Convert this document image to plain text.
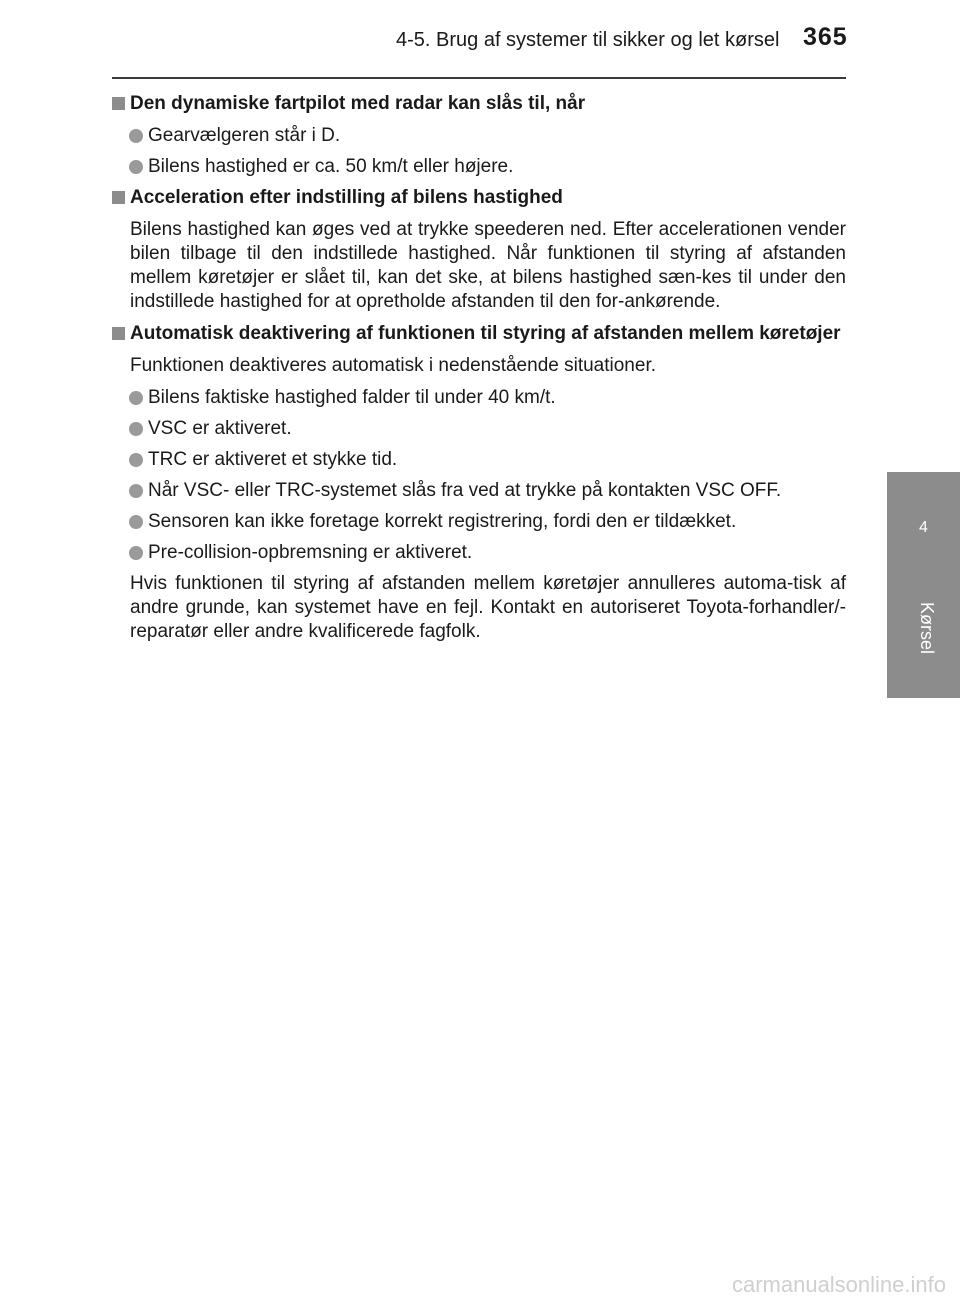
4-5. Brug af systemer til sikker og let kørsel 365
4
Kørsel
Den dynamiske fartpilot med radar kan slås til, når
Gearvælgeren står i D.
Bilens hastighed er ca. 50 km/t eller højere.
Acceleration efter indstilling af bilens hastighed
Bilens hastighed kan øges ved at trykke speederen ned. Efter accelerationen vender bilen tilbage til den indstillede hastighed. Når funktionen til styring af afstanden mellem køretøjer er slået til, kan det ske, at bilens hastighed sæn-kes til under den indstillede hastighed for at opretholde afstanden til den for-ankørende.
Automatisk deaktivering af funktionen til styring af afstanden mellem køretøjer
Funktionen deaktiveres automatisk i nedenstående situationer.
Bilens faktiske hastighed falder til under 40 km/t.
VSC er aktiveret.
TRC er aktiveret et stykke tid.
Når VSC- eller TRC-systemet slås fra ved at trykke på kontakten VSC OFF.
Sensoren kan ikke foretage korrekt registrering, fordi den er tildækket.
Pre-collision-opbremsning er aktiveret.
Hvis funktionen til styring af afstanden mellem køretøjer annulleres automa-tisk af andre grunde, kan systemet have en fejl. Kontakt en autoriseret Toyota-forhandler/-reparatør eller andre kvalificerede fagfolk.
carmanualsonline.info
